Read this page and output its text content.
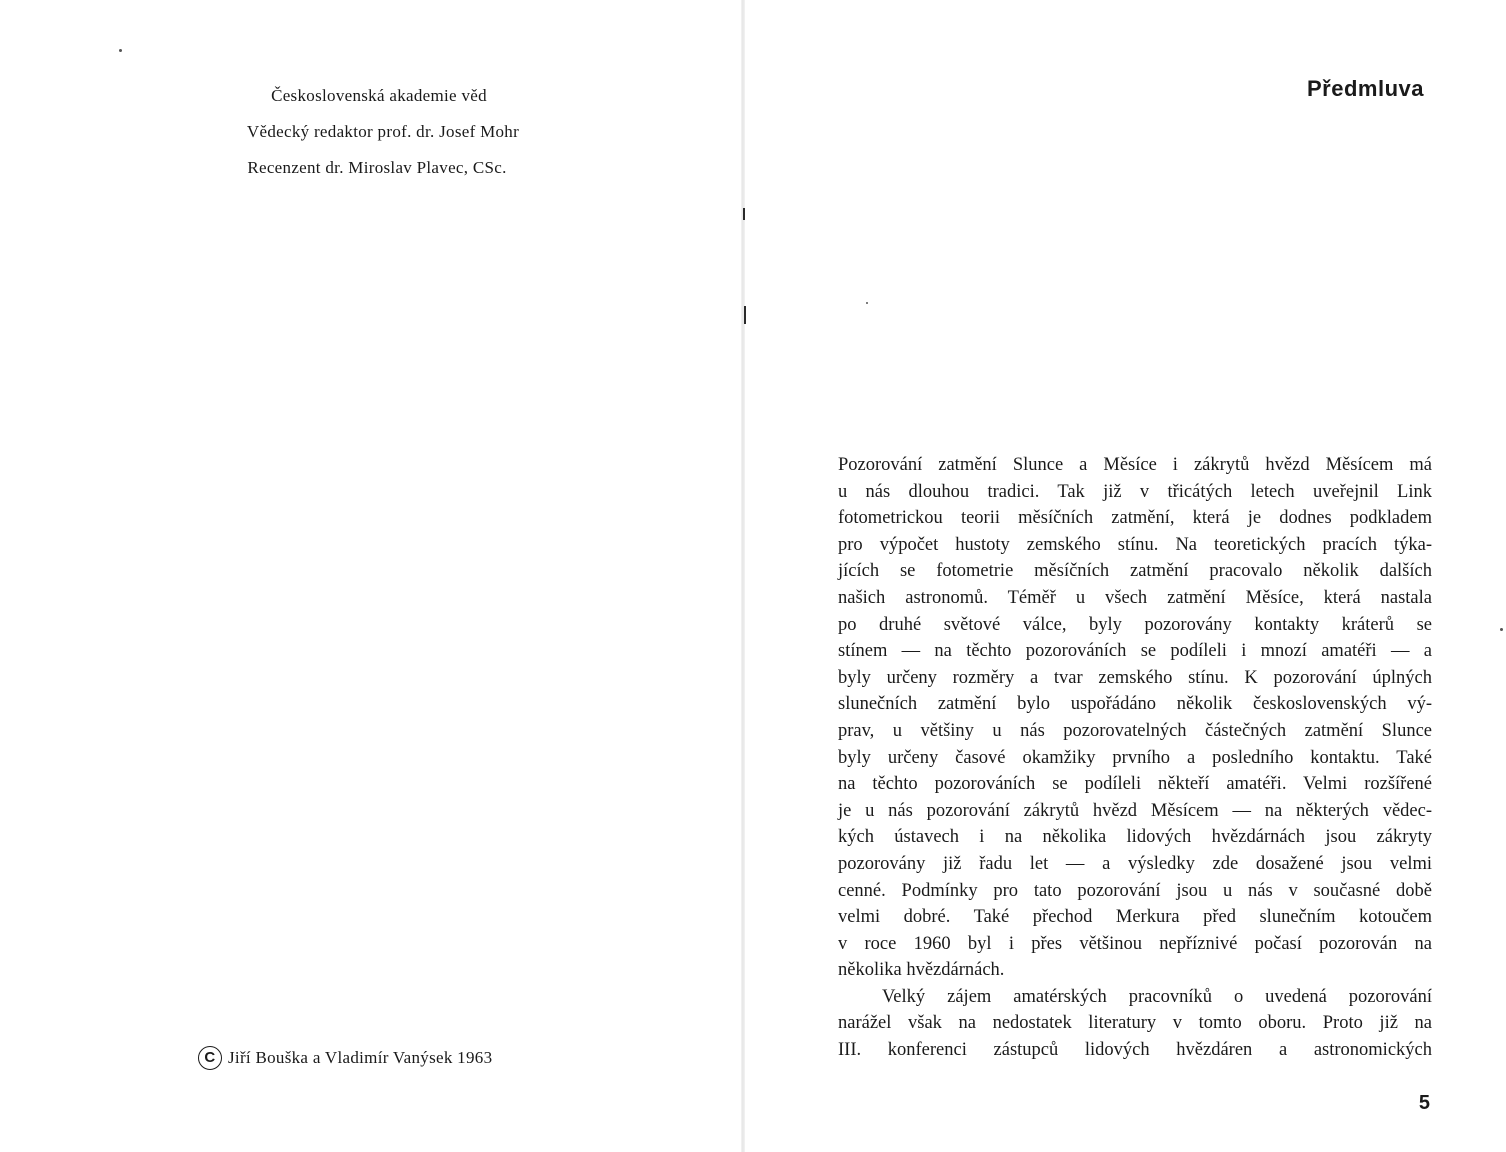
Československá akademie věd
Vědecký redaktor prof. dr. Josef Mohr
Recenzent dr. Miroslav Plavec, CSc.
C Jiří Bouška a Vladimír Vanýsek 1963
Předmluva
Pozorování zatmění Slunce a Měsíce i zákrytů hvězd Měsícem má
u nás dlouhou tradici. Tak již v třicátých letech uveřejnil Link
fotometrickou teorii měsíčních zatmění, která je dodnes podkladem
pro výpočet hustoty zemského stínu. Na teoretických pracích týka-
jících se fotometrie měsíčních zatmění pracovalo několik dalších
našich astronomů. Téměř u všech zatmění Měsíce, která nastala
po druhé světové válce, byly pozorovány kontakty kráterů se
stínem — na těchto pozorováních se podíleli i mnozí amatéři — a
byly určeny rozměry a tvar zemského stínu. K pozorování úplných
slunečních zatmění bylo uspořádáno několik československých vý-
prav, u většiny u nás pozorovatelných částečných zatmění Slunce
byly určeny časové okamžiky prvního a posledního kontaktu. Také
na těchto pozorováních se podíleli někteří amatéři. Velmi rozšířené
je u nás pozorování zákrytů hvězd Měsícem — na některých vědec-
kých ústavech i na několika lidových hvězdárnách jsou zákryty
pozorovány již řadu let — a výsledky zde dosažené jsou velmi
cenné. Podmínky pro tato pozorování jsou u nás v současné době
velmi dobré. Také přechod Merkura před slunečním kotoučem
v roce 1960 byl i přes většinou nepříznivé počasí pozorován na
několika hvězdárnách.
Velký zájem amatérských pracovníků o uvedená pozorování
narážel však na nedostatek literatury v tomto oboru. Proto již na
III. konferenci zástupců lidových hvězdáren a astronomických
5
